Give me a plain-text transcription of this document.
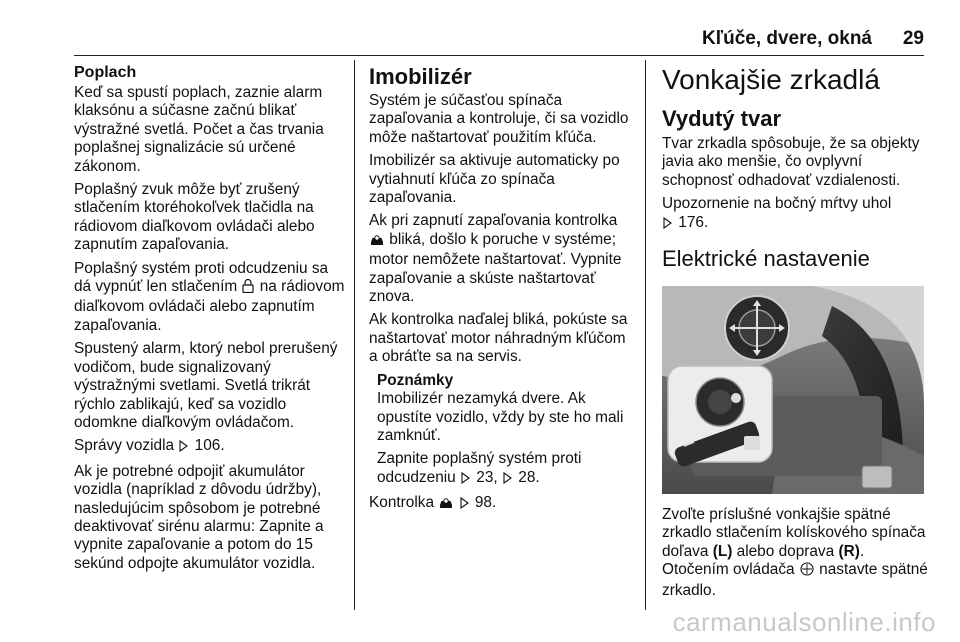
Kľúče, dvere, okná 29
Poplach

Keď sa spustí poplach, zaznie alarm klaksónu a súčasne začnú blikať výstražné svetlá. Počet a čas trvania poplašnej signalizácie sú určené zákonom.

Poplašný zvuk môže byť zrušený stlačením ktoréhokoľvek tlačidla na rádiovom diaľkovom ovládači alebo zapnutím zapaľovania.

Poplašný systém proti odcudzeniu sa dá vypnúť len stlačením na rádiovom diaľkovom ovládači alebo zapnutím zapaľovania.

Spustený alarm, ktorý nebol prerušený vodičom, bude signalizovaný výstražnými svetlami. Svetlá trikrát rýchlo zablikajú, keď sa vozidlo odomkne diaľkovým ovládačom.

Správy vozidla 106.

Ak je potrebné odpojiť akumulátor vozidla (napríklad z dôvodu údržby), nasledujúcim spôsobom je potrebné deaktivovať sirénu alarmu: Zapnite a vypnite zapaľovanie a potom do 15 sekúnd odpojte akumulátor vozidla.

Imobilizér

Systém je súčasťou spínača zapaľovania a kontroluje, či sa vozidlo môže naštartovať použitím kľúča.

Imobilizér sa aktivuje automaticky po vytiahnutí kľúča zo spínača zapaľovania.

Ak pri zapnutí zapaľovania kontrolka  bliká, došlo k poruche v systéme; motor nemôžete naštartovať. Vypnite zapaľovanie a skúste naštartovať znova.

Ak kontrolka naďalej bliká, pokúste sa naštartovať motor náhradným kľúčom a obráťte sa na servis.

Poznámky

Imobilizér nezamyká dvere. Ak opustíte vozidlo, vždy by ste ho mali zamknúť.

Zapnite poplašný systém proti odcudzeniu 23, 28.

Kontrolka	98.

Vonkajšie zrkadlá
Vydutý tvar

Tvar zrkadla spôsobuje, že sa objekty javia ako menšie, čo ovplyvní schopnosť odhadovať vzdialenosti.

Upozornenie na bočný mŕtvy uhol
176.

Elektrické nastavenie

Zvoľte príslušné vonkajšie spätné zrkadlo stlačením kolískového spínača doľava (L) alebo doprava (R). Otočením ovládača nastavte spätné zrkadlo.

carmanualsonline.info
